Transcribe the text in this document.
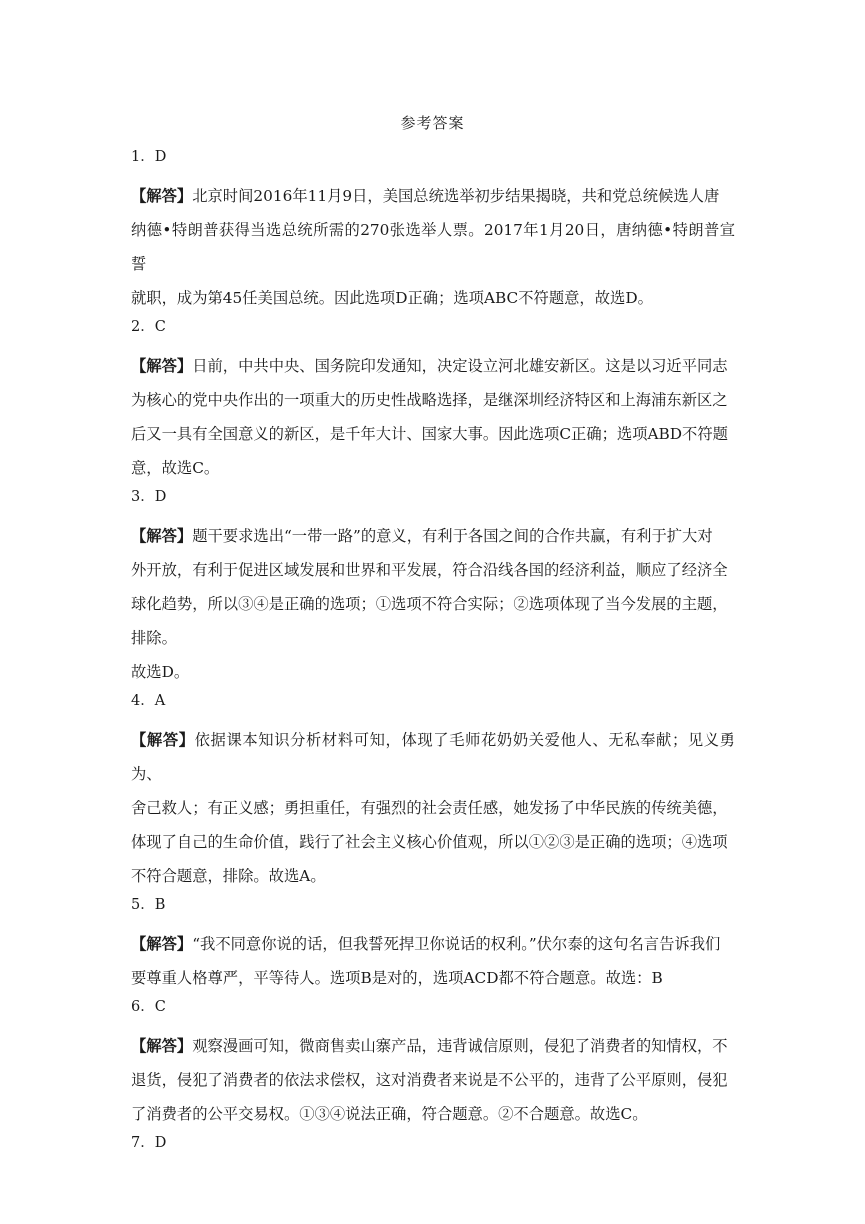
参考答案
1．D
【解答】北京时间2016年11月9日，美国总统选举初步结果揭晓，共和党总统候选人唐
纳德•特朗普获得当选总统所需的270张选举人票。2017年1月20日，唐纳德•特朗普宣誓
就职，成为第45任美国总统。因此选项D正确；选项ABC不符题意，故选D。
2．C
【解答】日前，中共中央、国务院印发通知，决定设立河北雄安新区。这是以习近平同志
为核心的党中央作出的一项重大的历史性战略选择，是继深圳经济特区和上海浦东新区之
后又一具有全国意义的新区，是千年大计、国家大事。因此选项C正确；选项ABD不符题
意，故选C。
3．D
【解答】题干要求选出“一带一路”的意义，有利于各国之间的合作共赢，有利于扩大对
外开放，有利于促进区域发展和世界和平发展，符合沿线各国的经济利益，顺应了经济全
球化趋势，所以③④是正确的选项；①选项不符合实际；②选项体现了当今发展的主题，
排除。
故选D。
4．A
【解答】依据课本知识分析材料可知，体现了毛师花奶奶关爱他人、无私奉献；见义勇为、
舍己救人；有正义感；勇担重任，有强烈的社会责任感，她发扬了中华民族的传统美德，
体现了自己的生命价值，践行了社会主义核心价值观，所以①②③是正确的选项；④选项
不符合题意，排除。故选A。
5．B
【解答】“我不同意你说的话，但我誓死捍卫你说话的权利。”伏尔泰的这句名言告诉我们
要尊重人格尊严，平等待人。选项B是对的，选项ACD都不符合题意。故选：B
6．C
【解答】观察漫画可知，微商售卖山寨产品，违背诚信原则，侵犯了消费者的知情权，不
退货，侵犯了消费者的依法求偿权，这对消费者来说是不公平的，违背了公平原则，侵犯
了消费者的公平交易权。①③④说法正确，符合题意。②不合题意。故选C。
7．D
